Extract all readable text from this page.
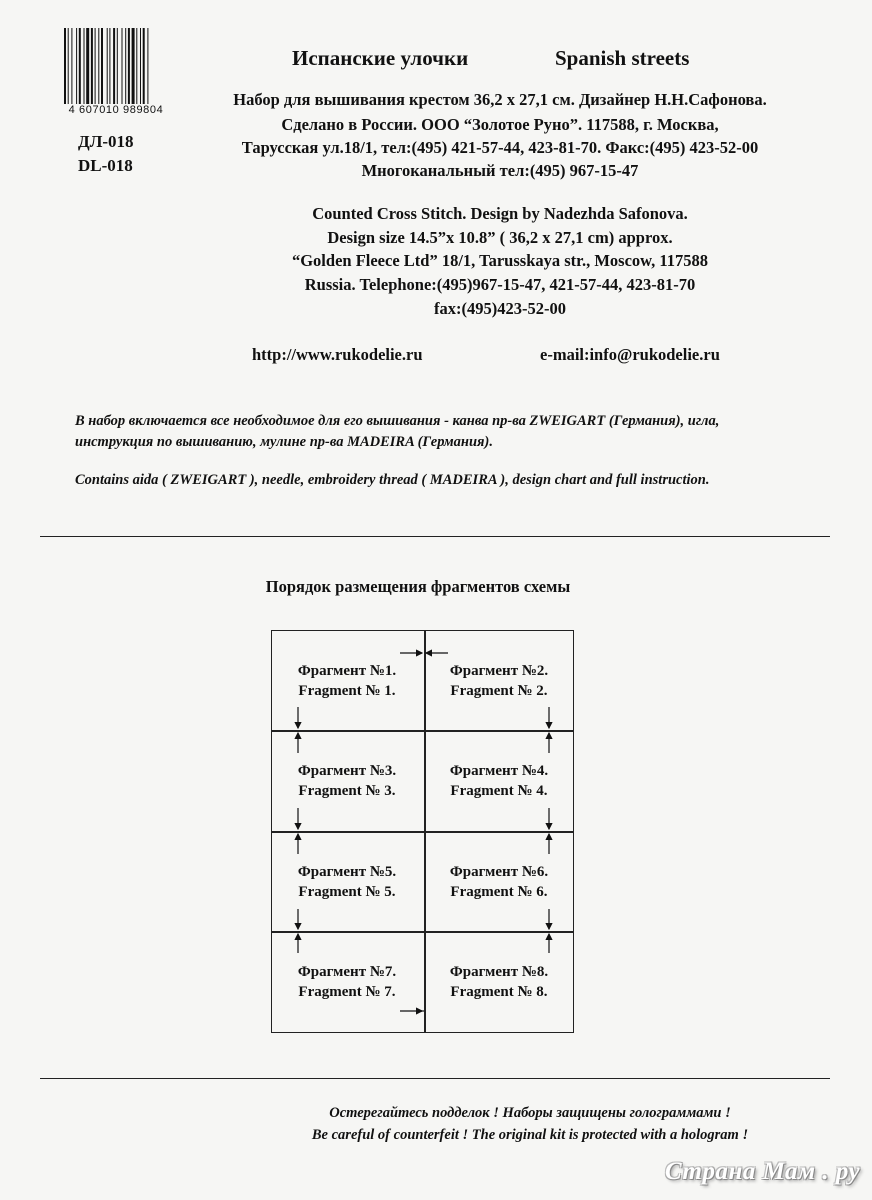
4 607010 989804
ДЛ-018
DL-018
Испанские улочки	Spanish streets
Набор для вышивания крестом 36,2 х 27,1 см. Дизайнер Н.Н.Сафонова.
Сделано в России. ООО “Золотое Руно”. 117588, г. Москва,
Тарусская ул.18/1, тел:(495) 421-57-44, 423-81-70. Факс:(495) 423-52-00
Многоканальный тел:(495) 967-15-47
Counted Cross Stitch. Design by Nadezhda Safonova.
Design size 14.5”x 10.8” ( 36,2 x 27,1 cm) approx.
“Golden Fleece Ltd” 18/1, Tarusskaya str., Moscow, 117588
Russia. Telephone:(495)967-15-47, 421-57-44, 423-81-70
fax:(495)423-52-00
http://www.rukodelie.ru	e-mail:info@rukodelie.ru
В набор включается все необходимое для его вышивания - канва пр-ва ZWEIGART (Германия), игла,
инструкция по вышиванию, мулине пр-ва MADEIRA (Германия).
Contains aida ( ZWEIGART ), needle, embroidery thread ( MADEIRA ), design chart and full instruction.
Порядок размещения фрагментов схемы
Фрагмент №1.
Fragment № 1.
Фрагмент №2.
Fragment № 2.
Фрагмент №3.
Fragment № 3.
Фрагмент №4.
Fragment № 4.
Фрагмент №5.
Fragment № 5.
Фрагмент №6.
Fragment № 6.
Фрагмент №7.
Fragment № 7.
Фрагмент №8.
Fragment № 8.
Остерегайтесь подделок ! Наборы защищены голограммами !
Be careful of counterfeit ! The original kit is protected with a hologram !
Страна Мам . ру
